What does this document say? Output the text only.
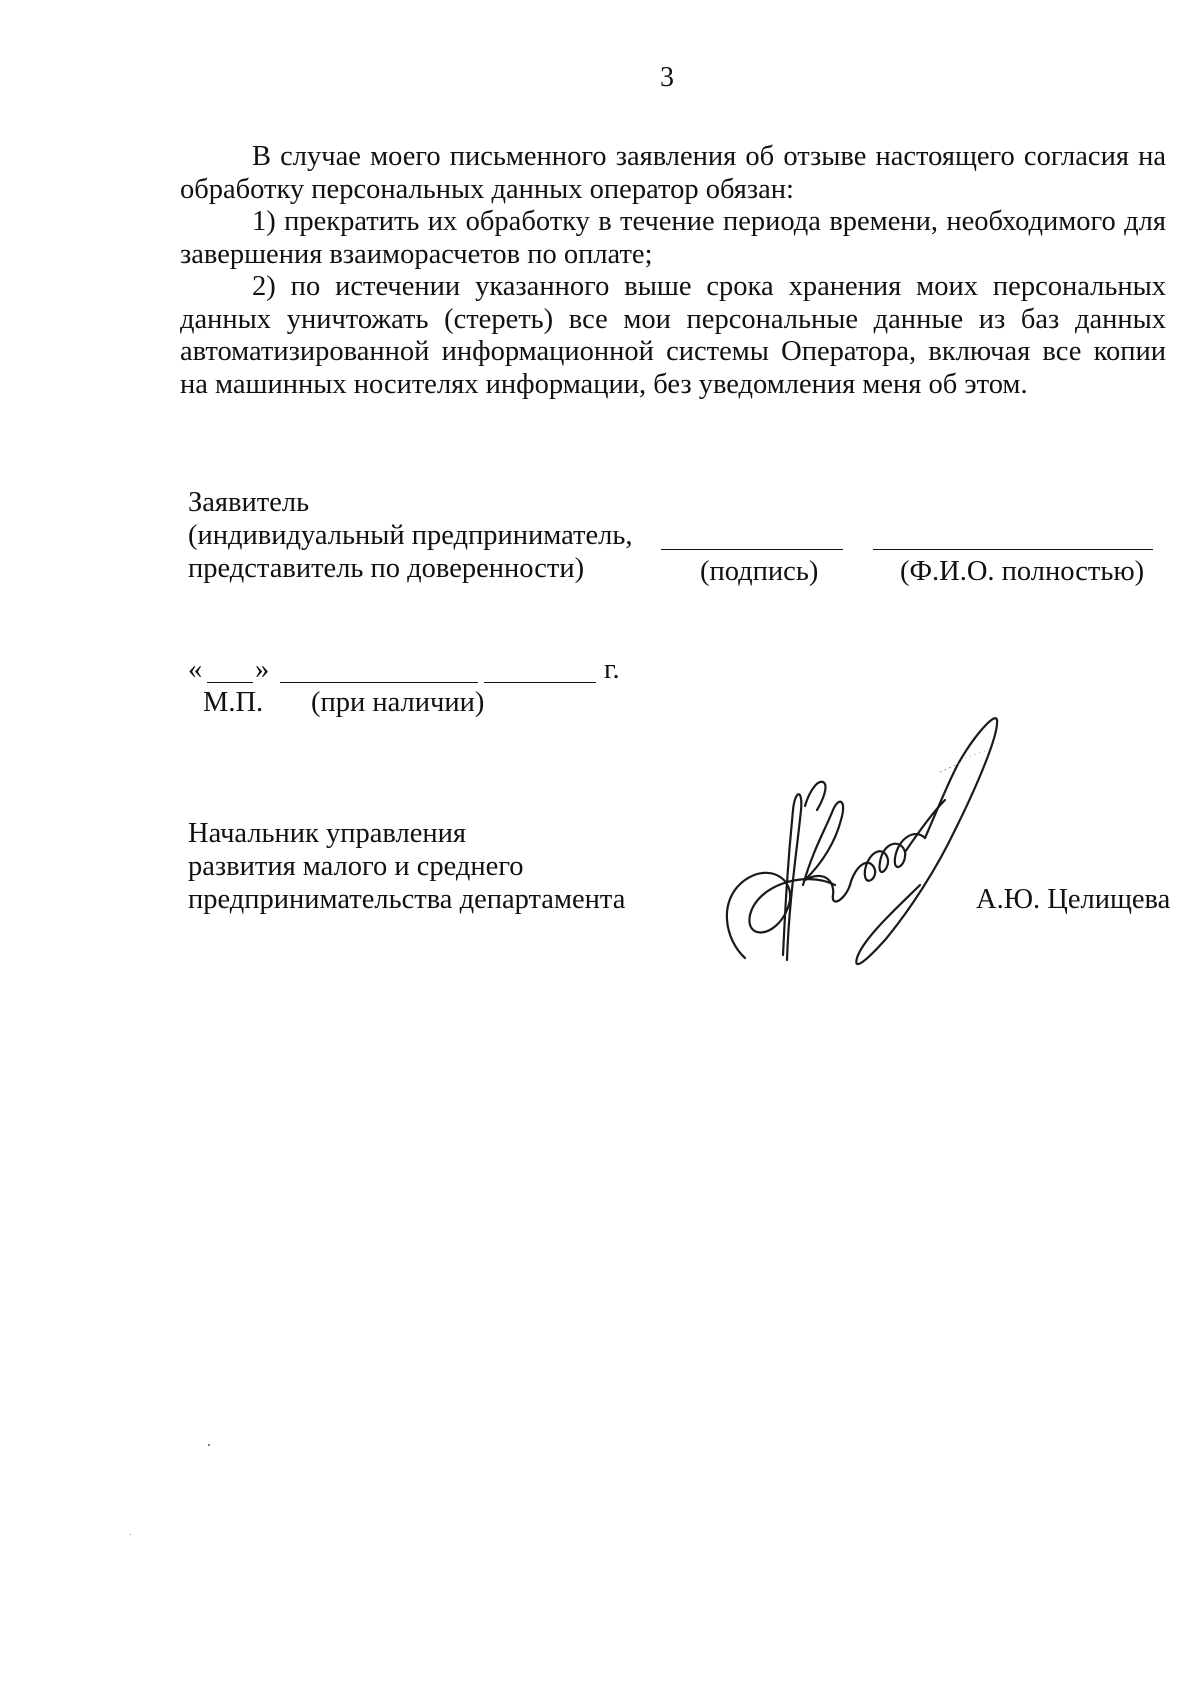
3

В случае моего письменного заявления об отзыве настоящего согласия на обработку персональных данных оператор обязан:

1) прекратить их обработку в течение периода времени, необходимого для завершения взаиморасчетов по оплате;

2) по истечении указанного выше срока хранения моих персональных данных уничтожать (стереть) все мои персональные данные из баз данных автоматизированной информационной системы Оператора, включая все копии на машинных носителях информации, без уведомления меня об этом.

Заявитель
(индивидуальный предприниматель,
представитель по доверенности)	(подпись)	(Ф.И.О. полностью)
« »	г.
М.П. (при наличии)
Начальник управления
развития малого и среднего
предпринимательства департамента	А.Ю. Целищева
